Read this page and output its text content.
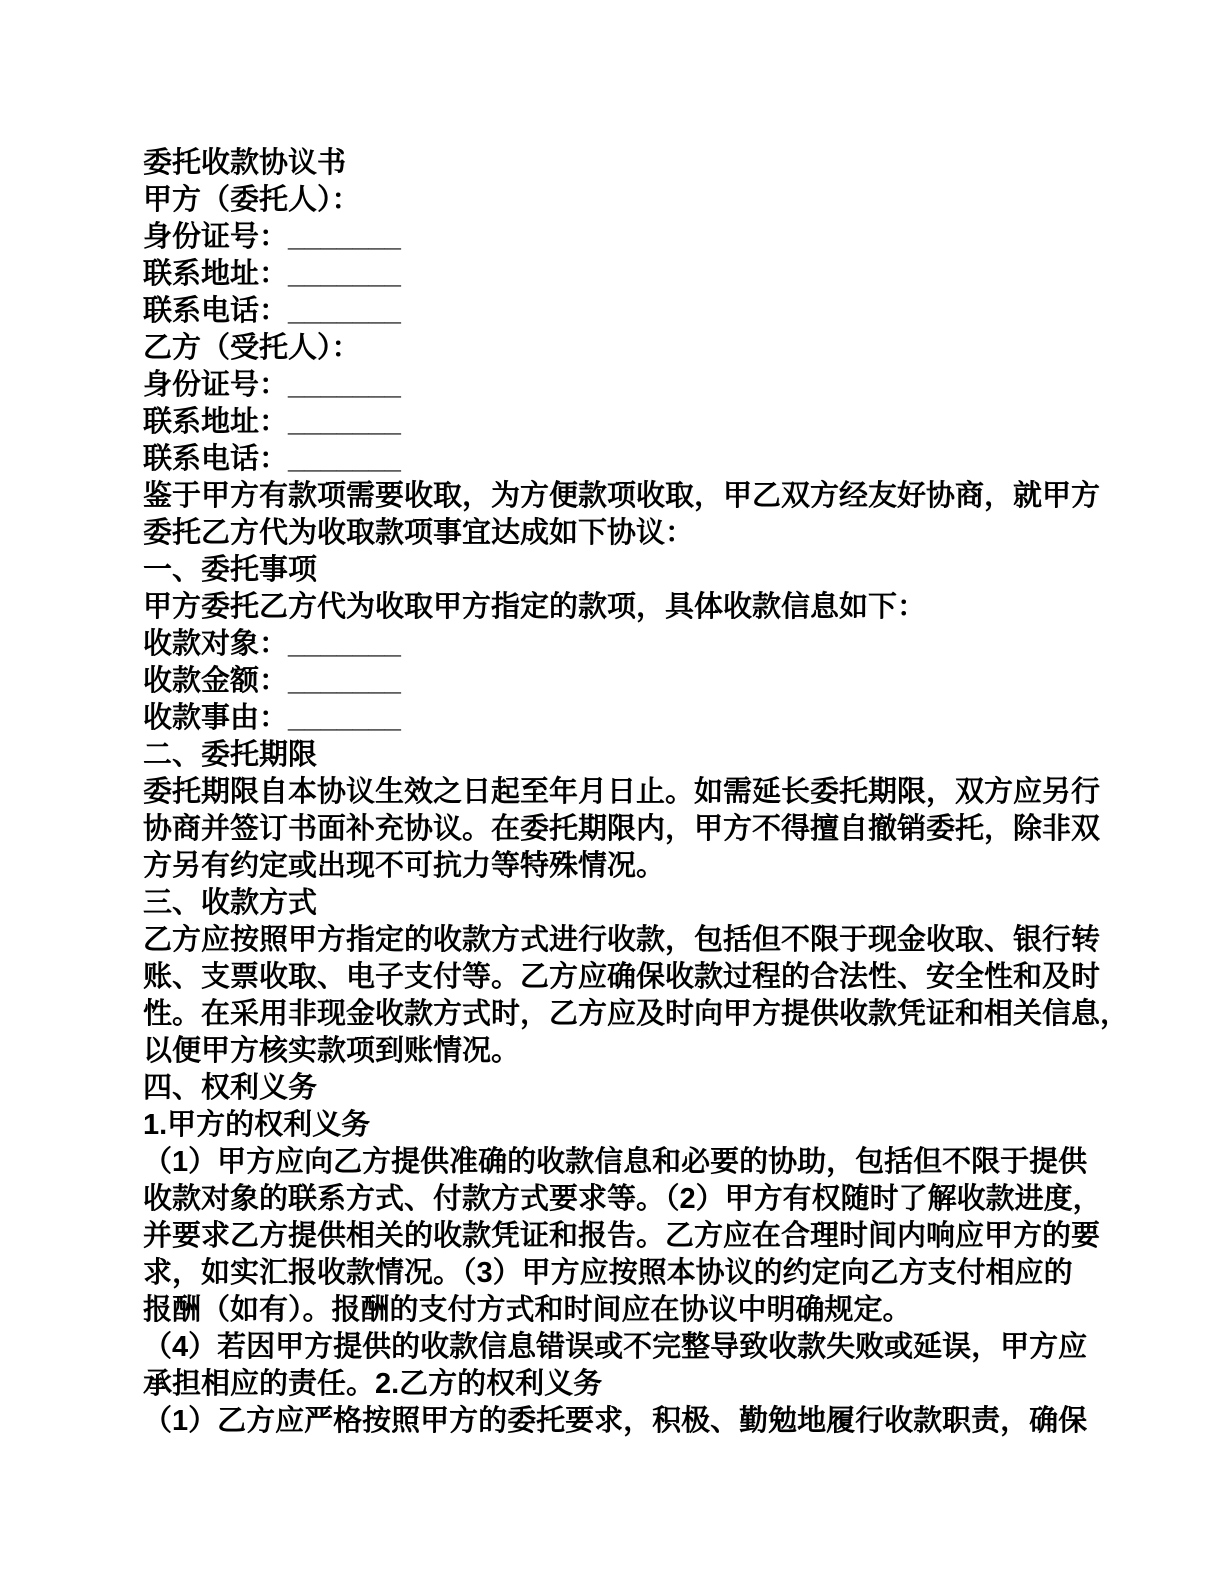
委托收款协议书
甲方（委托人）：
身份证号：_______
联系地址：_______
联系电话：_______
乙方（受托人）：
身份证号：_______
联系地址：_______
联系电话：_______
鉴于甲方有款项需要收取，为方便款项收取，甲乙双方经友好协商，就甲方
委托乙方代为收取款项事宜达成如下协议：
一、委托事项
甲方委托乙方代为收取甲方指定的款项，具体收款信息如下：
收款对象：_______
收款金额：_______
收款事由：_______
二、委托期限
委托期限自本协议生效之日起至年月日止。如需延长委托期限，双方应另行
协商并签订书面补充协议。在委托期限内，甲方不得擅自撤销委托，除非双
方另有约定或出现不可抗力等特殊情况。
三、收款方式
乙方应按照甲方指定的收款方式进行收款，包括但不限于现金收取、银行转
账、支票收取、电子支付等。乙方应确保收款过程的合法性、安全性和及时
性。在采用非现金收款方式时，乙方应及时向甲方提供收款凭证和相关信息，
以便甲方核实款项到账情况。
四、权利义务
1.甲方的权利义务
（1）甲方应向乙方提供准确的收款信息和必要的协助，包括但不限于提供
收款对象的联系方式、付款方式要求等。（2）甲方有权随时了解收款进度，
并要求乙方提供相关的收款凭证和报告。乙方应在合理时间内响应甲方的要
求，如实汇报收款情况。（3）甲方应按照本协议的约定向乙方支付相应的
报酬（如有）。报酬的支付方式和时间应在协议中明确规定。
（4）若因甲方提供的收款信息错误或不完整导致收款失败或延误，甲方应
承担相应的责任。2.乙方的权利义务
（1）乙方应严格按照甲方的委托要求，积极、勤勉地履行收款职责，确保
